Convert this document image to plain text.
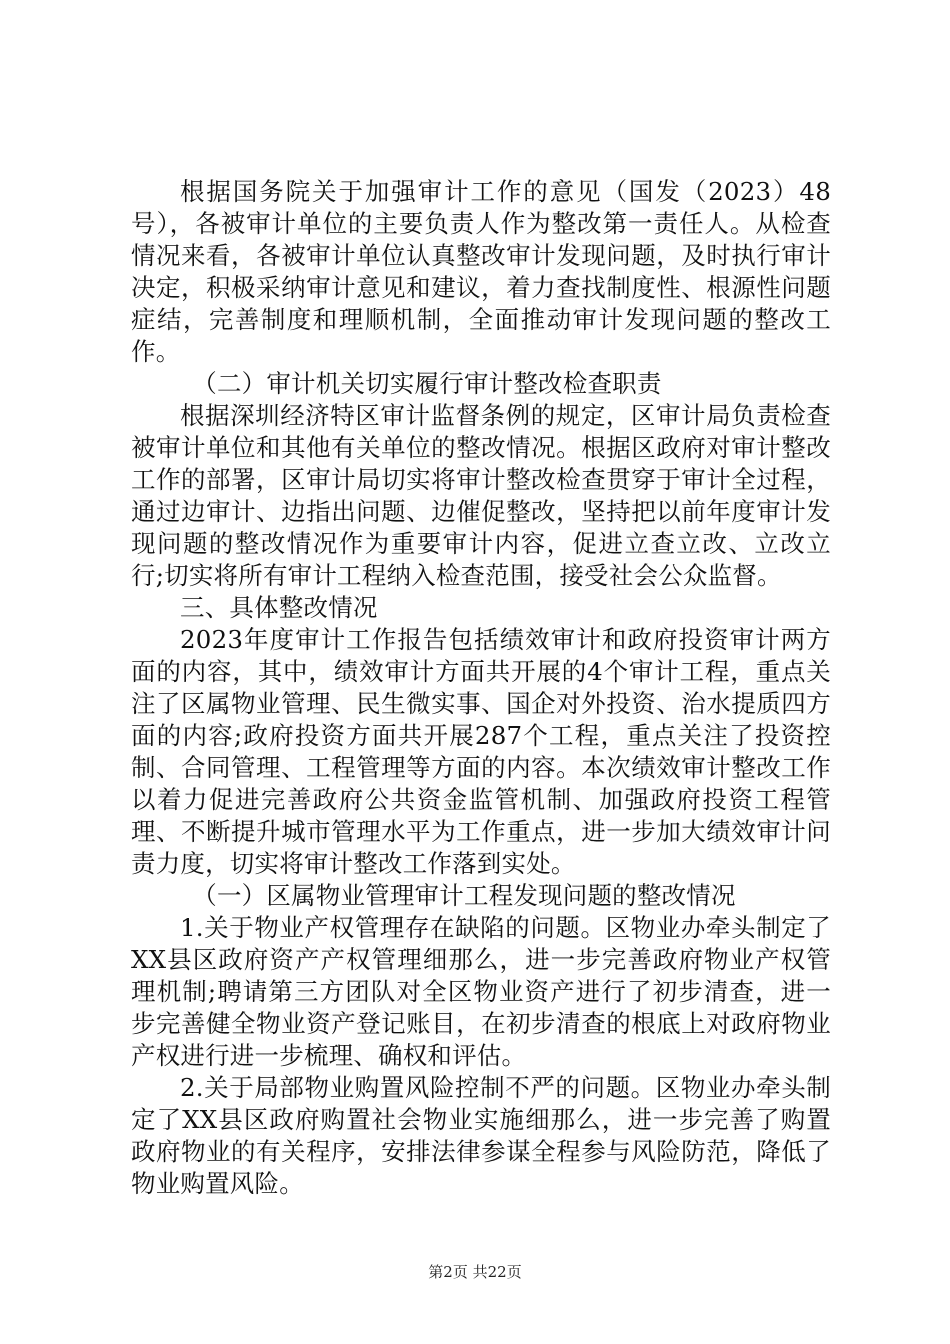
根据国务院关于加强审计工作的意见（国发（2023）48号），各被审计单位的主要负责人作为整改第一责任人。从检查情况来看，各被审计单位认真整改审计发现问题，及时执行审计决定，积极采纳审计意见和建议，着力查找制度性、根源性问题症结，完善制度和理顺机制，全面推动审计发现问题的整改工作。

（二）审计机关切实履行审计整改检查职责

根据深圳经济特区审计监督条例的规定，区审计局负责检查被审计单位和其他有关单位的整改情况。根据区政府对审计整改工作的部署，区审计局切实将审计整改检查贯穿于审计全过程，通过边审计、边指出问题、边催促整改，坚持把以前年度审计发现问题的整改情况作为重要审计内容，促进立查立改、立改立行;切实将所有审计工程纳入检查范围，接受社会公众监督。

三、具体整改情况

2023年度审计工作报告包括绩效审计和政府投资审计两方面的内容，其中，绩效审计方面共开展的4个审计工程，重点关注了区属物业管理、民生微实事、国企对外投资、治水提质四方面的内容;政府投资方面共开展287个工程，重点关注了投资控制、合同管理、工程管理等方面的内容。本次绩效审计整改工作以着力促进完善政府公共资金监管机制、加强政府投资工程管理、不断提升城市管理水平为工作重点，进一步加大绩效审计问责力度，切实将审计整改工作落到实处。

（一）区属物业管理审计工程发现问题的整改情况

1.关于物业产权管理存在缺陷的问题。区物业办牵头制定了XX县区政府资产产权管理细那么，进一步完善政府物业产权管理机制;聘请第三方团队对全区物业资产进行了初步清查，进一步完善健全物业资产登记账目，在初步清查的根底上对政府物业产权进行进一步梳理、确权和评估。

2.关于局部物业购置风险控制不严的问题。区物业办牵头制定了XX县区政府购置社会物业实施细那么，进一步完善了购置政府物业的有关程序，安排法律参谋全程参与风险防范，降低了物业购置风险。

第2页 共22页
